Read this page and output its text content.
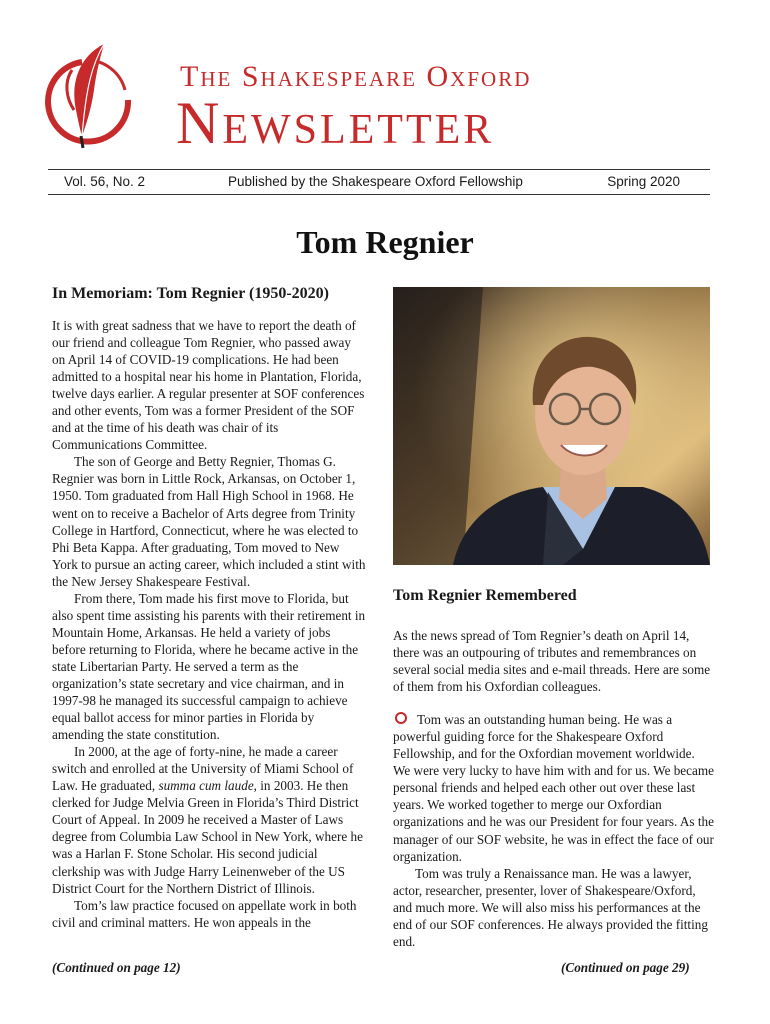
The Shakespeare Oxford
Newsletter
Vol. 56, No. 2	Published by the Shakespeare Oxford Fellowship	Spring 2020
Tom Regnier

In Memoriam: Tom Regnier (1950-2020)

It is with great sadness that we have to report the death of our friend and colleague Tom Regnier, who passed away on April 14 of COVID-19 complications. He had been admitted to a hospital near his home in Plantation, Florida, twelve days earlier. A regular presenter at SOF conferences and other events, Tom was a former President of the SOF and at the time of his death was chair of its Communications Committee.

The son of George and Betty Regnier, Thomas G. Regnier was born in Little Rock, Arkansas, on October 1, 1950. Tom graduated from Hall High School in 1968. He went on to receive a Bachelor of Arts degree from Trinity College in Hartford, Connecticut, where he was elected to Phi Beta Kappa. After graduating, Tom moved to New York to pursue an acting career, which included a stint with the New Jersey Shakespeare Festival.

From there, Tom made his first move to Florida, but also spent time assisting his parents with their retirement in Mountain Home, Arkansas. He held a variety of jobs before returning to Florida, where he became active in the state Libertarian Party. He served a term as the organization’s state secretary and vice chairman, and in 1997-98 he managed its successful campaign to achieve equal ballot access for minor parties in Florida by amending the state constitution.

In 2000, at the age of forty-nine, he made a career switch and enrolled at the University of Miami School of Law. He graduated, summa cum laude, in 2003. He then clerked for Judge Melvia Green in Florida’s Third District Court of Appeal. In 2009 he received a Master of Laws degree from Columbia Law School in New York, where he was a Harlan F. Stone Scholar. His second judicial clerkship was with Judge Harry Leinenweber of the US District Court for the Northern District of Illinois.

Tom’s law practice focused on appellate work in both civil and criminal matters. He won appeals in the

(Continued on page 12)

Tom Regnier Remembered

As the news spread of Tom Regnier’s death on April 14, there was an outpouring of tributes and remembrances on several social media sites and e-mail threads. Here are some of them from his Oxfordian colleagues.

Tom was an outstanding human being. He was a powerful guiding force for the Shakespeare Oxford Fellowship, and for the Oxfordian movement worldwide. We were very lucky to have him with and for us. We became personal friends and helped each other out over these last years. We worked together to merge our Oxfordian organizations and he was our President for four years. As the manager of our SOF website, he was in effect the face of our organization.

Tom was truly a Renaissance man. He was a lawyer, actor, researcher, presenter, lover of Shakespeare/Oxford, and much more. We will also miss his performances at the end of our SOF conferences. He always provided the fitting end.

(Continued on page 29)
